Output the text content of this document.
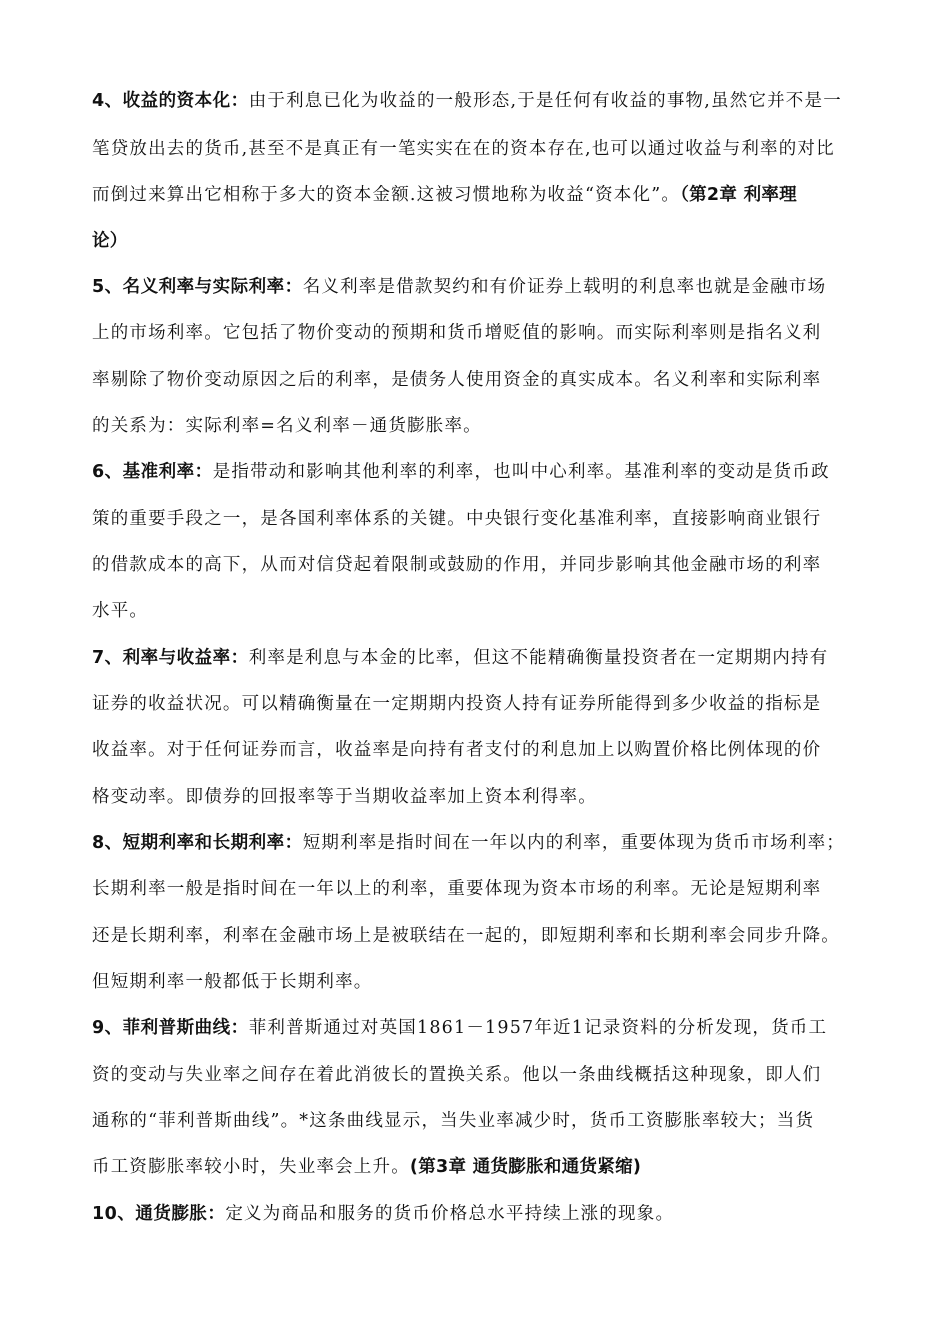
4、收益的资本化：由于利息已化为收益的一般形态,于是任何有收益的事物,虽然它并不是一
笔贷放出去的货币,甚至不是真正有一笔实实在在的资本存在,也可以通过收益与利率的对比
而倒过来算出它相称于多大的资本金额.这被习惯地称为收益“资本化”。（第2章 利率理
论）
5、名义利率与实际利率：名义利率是借款契约和有价证券上载明的利息率也就是金融市场
上的市场利率。它包括了物价变动的预期和货币增贬值的影响。而实际利率则是指名义利
率剔除了物价变动原因之后的利率，是债务人使用资金的真实成本。名义利率和实际利率
的关系为：实际利率=名义利率－通货膨胀率。
6、基准利率：是指带动和影响其他利率的利率，也叫中心利率。基准利率的变动是货币政
策的重要手段之一，是各国利率体系的关键。中央银行变化基准利率，直接影响商业银行
的借款成本的高下，从而对信贷起着限制或鼓励的作用，并同步影响其他金融市场的利率
水平。
7、利率与收益率：利率是利息与本金的比率，但这不能精确衡量投资者在一定期期内持有
证券的收益状况。可以精确衡量在一定期期内投资人持有证券所能得到多少收益的指标是
收益率。对于任何证券而言，收益率是向持有者支付的利息加上以购置价格比例体现的价
格变动率。即债券的回报率等于当期收益率加上资本利得率。
8、短期利率和长期利率：短期利率是指时间在一年以内的利率，重要体现为货币市场利率；
长期利率一般是指时间在一年以上的利率，重要体现为资本市场的利率。无论是短期利率
还是长期利率，利率在金融市场上是被联结在一起的，即短期利率和长期利率会同步升降。
但短期利率一般都低于长期利率。
9、菲利普斯曲线：菲利普斯通过对英国1861－1957年近1记录资料的分析发现，货币工
资的变动与失业率之间存在着此消彼长的置换关系。他以一条曲线概括这种现象，即人们
通称的“菲利普斯曲线”。*这条曲线显示，当失业率减少时，货币工资膨胀率较大；当货
币工资膨胀率较小时，失业率会上升。(第3章 通货膨胀和通货紧缩)
10、通货膨胀：定义为商品和服务的货币价格总水平持续上涨的现象。
